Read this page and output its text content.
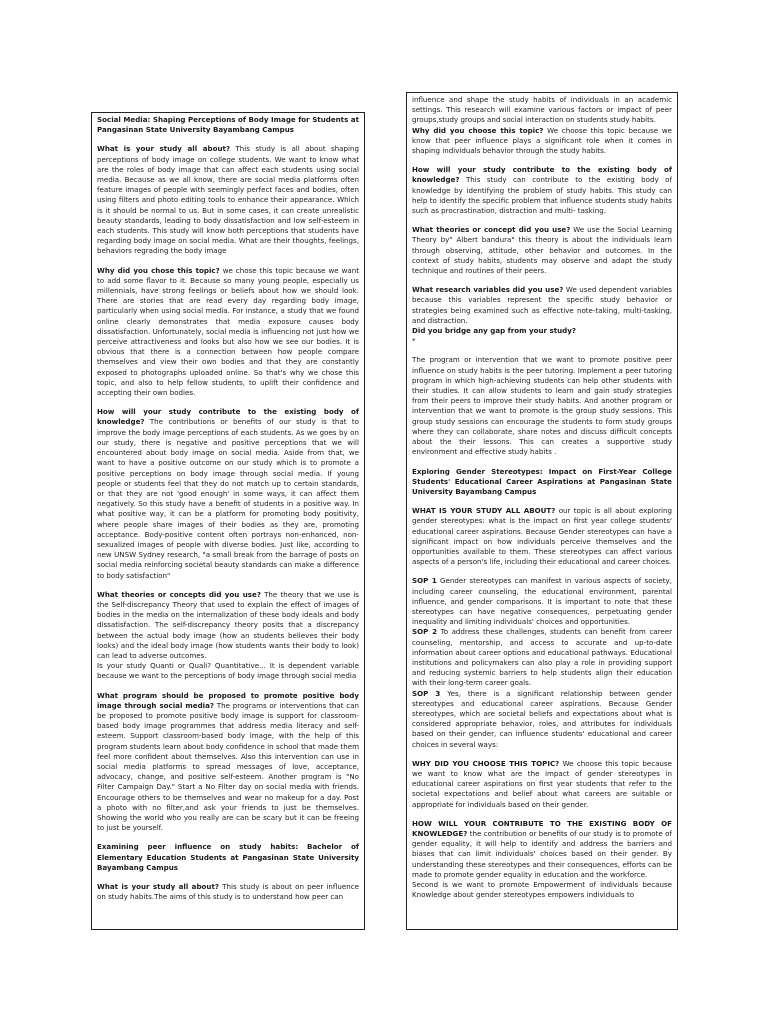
Social Media: Shaping Perceptions of Body Image for Students at Pangasinan State University Bayambang Campus

What is your study all about? This study is all about shaping perceptions of body image on college students. We want to know what are the roles of body image that can affect each students using social media. Because as we all know, there are social media platforms often feature images of people with seemingly perfect faces and bodies, often using filters and photo editing tools to enhance their appearance. Which is it should be normal to us. But in some cases, it can create unrealistic beauty standards, leading to body dissatisfaction and low self-esteem in each students. This study will know both perceptions that students have regarding body image on social media. What are their thoughts, feelings, behaviors regrading the body image

Why did you chose this topic? we chose this topic because we want to add some flavor to it. Because so many young people, especially us millennials, have strong feelings or beliefs about how we should look. There are stories that are read every day regarding body image, particularly when using social media. For instance, a study that we found online clearly demonstrates that media exposure causes body dissatisfaction. Unfortunately, social media is influencing not just how we perceive attractiveness and looks but also how we see our bodies. It is obvious that there is a connection between how people compare themselves and view their own bodies and that they are constantly exposed to photographs uploaded online. So that's why we chose this topic, and also to help fellow students, to uplift their confidence and accepting their own bodies.

How will your study contribute to the existing body of knowledge? The contributions or benefits of our study is that to improve the body image perceptions of each students. As we goes by on our study, there is negative and positive perceptions that we will encountered about body image on social media. Aside from that, we want to have a positive outcome on our study which is to promote a positive perceptions on body image through social media. If young people or students feel that they do not match up to certain standards, or that they are not 'good enough' in some ways, it can affect them negatively. So this study have a benefit of students in a positive way. In what positive way, it can be a platform for promoting body positivity, where people share images of their bodies as they are, promoting acceptance. Body-positive content often portrays non-enhanced, non-sexualized images of people with diverse bodies. Just like, according to new UNSW Sydney research, "a small break from the barrage of posts on social media reinforcing societal beauty standards can make a difference to body satisfaction"

What theories or concepts did you use? The theory that we use is the Self-discrepancy Theory that used to explain the effect of images of bodies in the media on the internalization of these body ideals and body dissatisfaction. The self-discrepancy theory posits that a discrepancy between the actual body image (how an students believes their body looks) and the ideal body image (how students wants their body to look) can lead to adverse outcomes.

Is your study Quanti or Quali? Quantitative... It is dependent variable because we want to the perceptions of body image through social media

What program should be proposed to promote positive body image through social media? The programs or interventions that can be proposed to promote positive body image is support for classroom-based body image programmes that address media literacy and self-esteem. Support classroom-based body image, with the help of this program students learn about body confidence in school that made them feel more confident about themselves. Also this intervention can use in social media platforms to spread messages of love, acceptance, advocacy, change, and positive self-esteem. Another program is "No Filter Campaign Day." Start a No Filter day on social media with friends. Encourage others to be themselves and wear no makeup for a day. Post a photo with no filter,and ask your friends to just be themselves. Showing the world who you really are can be scary but it can be freeing to just be yourself.

Examining peer influence on study habits: Bachelor of Elementary Education Students at Pangasinan State University Bayambang Campus

What is your study all about? This study is about on peer influence on study habits.The aims of this study is to understand how peer can

influence and shape the study habits of individuals in an academic settings. This research will examine various factors or impact of peer groups,study groups and social interaction on students study habits.

Why did you choose this topic? We choose this topic because we know that peer influence plays a significant role when it comes in shaping individuals behavior through the study habits.

How will your study contribute to the existing body of knowledge? This study can contribute to the existing body of knowledge by identifying the problem of study habits. This study can help to identify the specific problem that influence students study habits such as procrastination, distraction and multi- tasking.

What theories or concept did you use? We use the Social Learning Theory by" Albert bandura" this theory is about the individuals learn through observing, attitude, other behavior and outcomes. In the context of study habits, students may observe and adapt the study technique and routines of their peers.

What research variables did you use? We used dependent variables because this variables represent the specific study behavior or strategies being examined such as effective note-taking, multi-tasking, and distraction.

Did you bridge any gap from your study?

*

The program or intervention that we want to promote positive peer influence on study habits is the peer tutoring. Implement a peer tutoring program in which high-achieving students can help other students with their studies. It can allow students to learn and gain study strategies from their peers to improve their study habits. And another program or intervention that we want to promote is the group study sessions. This group study sessions can encourage the students to form study groups where they can collaborate, share notes and discuss difficult concepts about the their lessons. This can creates a supportive study environment and effective study habits .

Exploring Gender Stereotypes: Impact on First-Year College Students' Educational Career Aspirations at Pangasinan State University Bayambang Campus

WHAT IS YOUR STUDY ALL ABOUT? our topic is all about exploring gender stereotypes: what is the impact on first year college students' educational career aspirations. Because Gender stereotypes can have a significant impact on how individuals perceive themselves and the opportunities available to them. These stereotypes can affect various aspects of a person's life, including their educational and career choices.

SOP 1 Gender stereotypes can manifest in various aspects of society, including career counseling, the educational environment, parental influence, and gender comparisons. It is important to note that these stereotypes can have negative consequences, perpetuating gender inequality and limiting individuals' choices and opportunities.

SOP 2 To address these challenges, students can benefit from career counseling, mentorship, and access to accurate and up-to-date information about career options and educational pathways. Educational institutions and policymakers can also play a role in providing support and reducing systemic barriers to help students align their education with their long-term career goals.

SOP 3 Yes, there is a significant relationship between gender stereotypes and educational career aspirations. Because Gender stereotypes, which are societal beliefs and expectations about what is considered appropriate behavior, roles, and attributes for individuals based on their gender, can influence students' educational and career choices in several ways:

WHY DID YOU CHOOSE THIS TOPIC? We choose this topic because we want to know what are the impact of gender stereotypes in educational career aspirations on first year students that refer to the societal expectations and belief about what careers are suitable or appropriate for individuals based on their gender.

HOW WILL YOUR CONTRIBUTE TO THE EXISTING BODY OF KNOWLEDGE? the contribution or benefits of our study is to promote of gender equality, it will help to identify and address the barriers and biases that can limit individuals' choices based on their gender. By understanding these stereotypes and their consequences, efforts can be made to promote gender equality in education and the workforce.

Second is we want to promote Empowerment of individuals because Knowledge about gender stereotypes empowers individuals to
